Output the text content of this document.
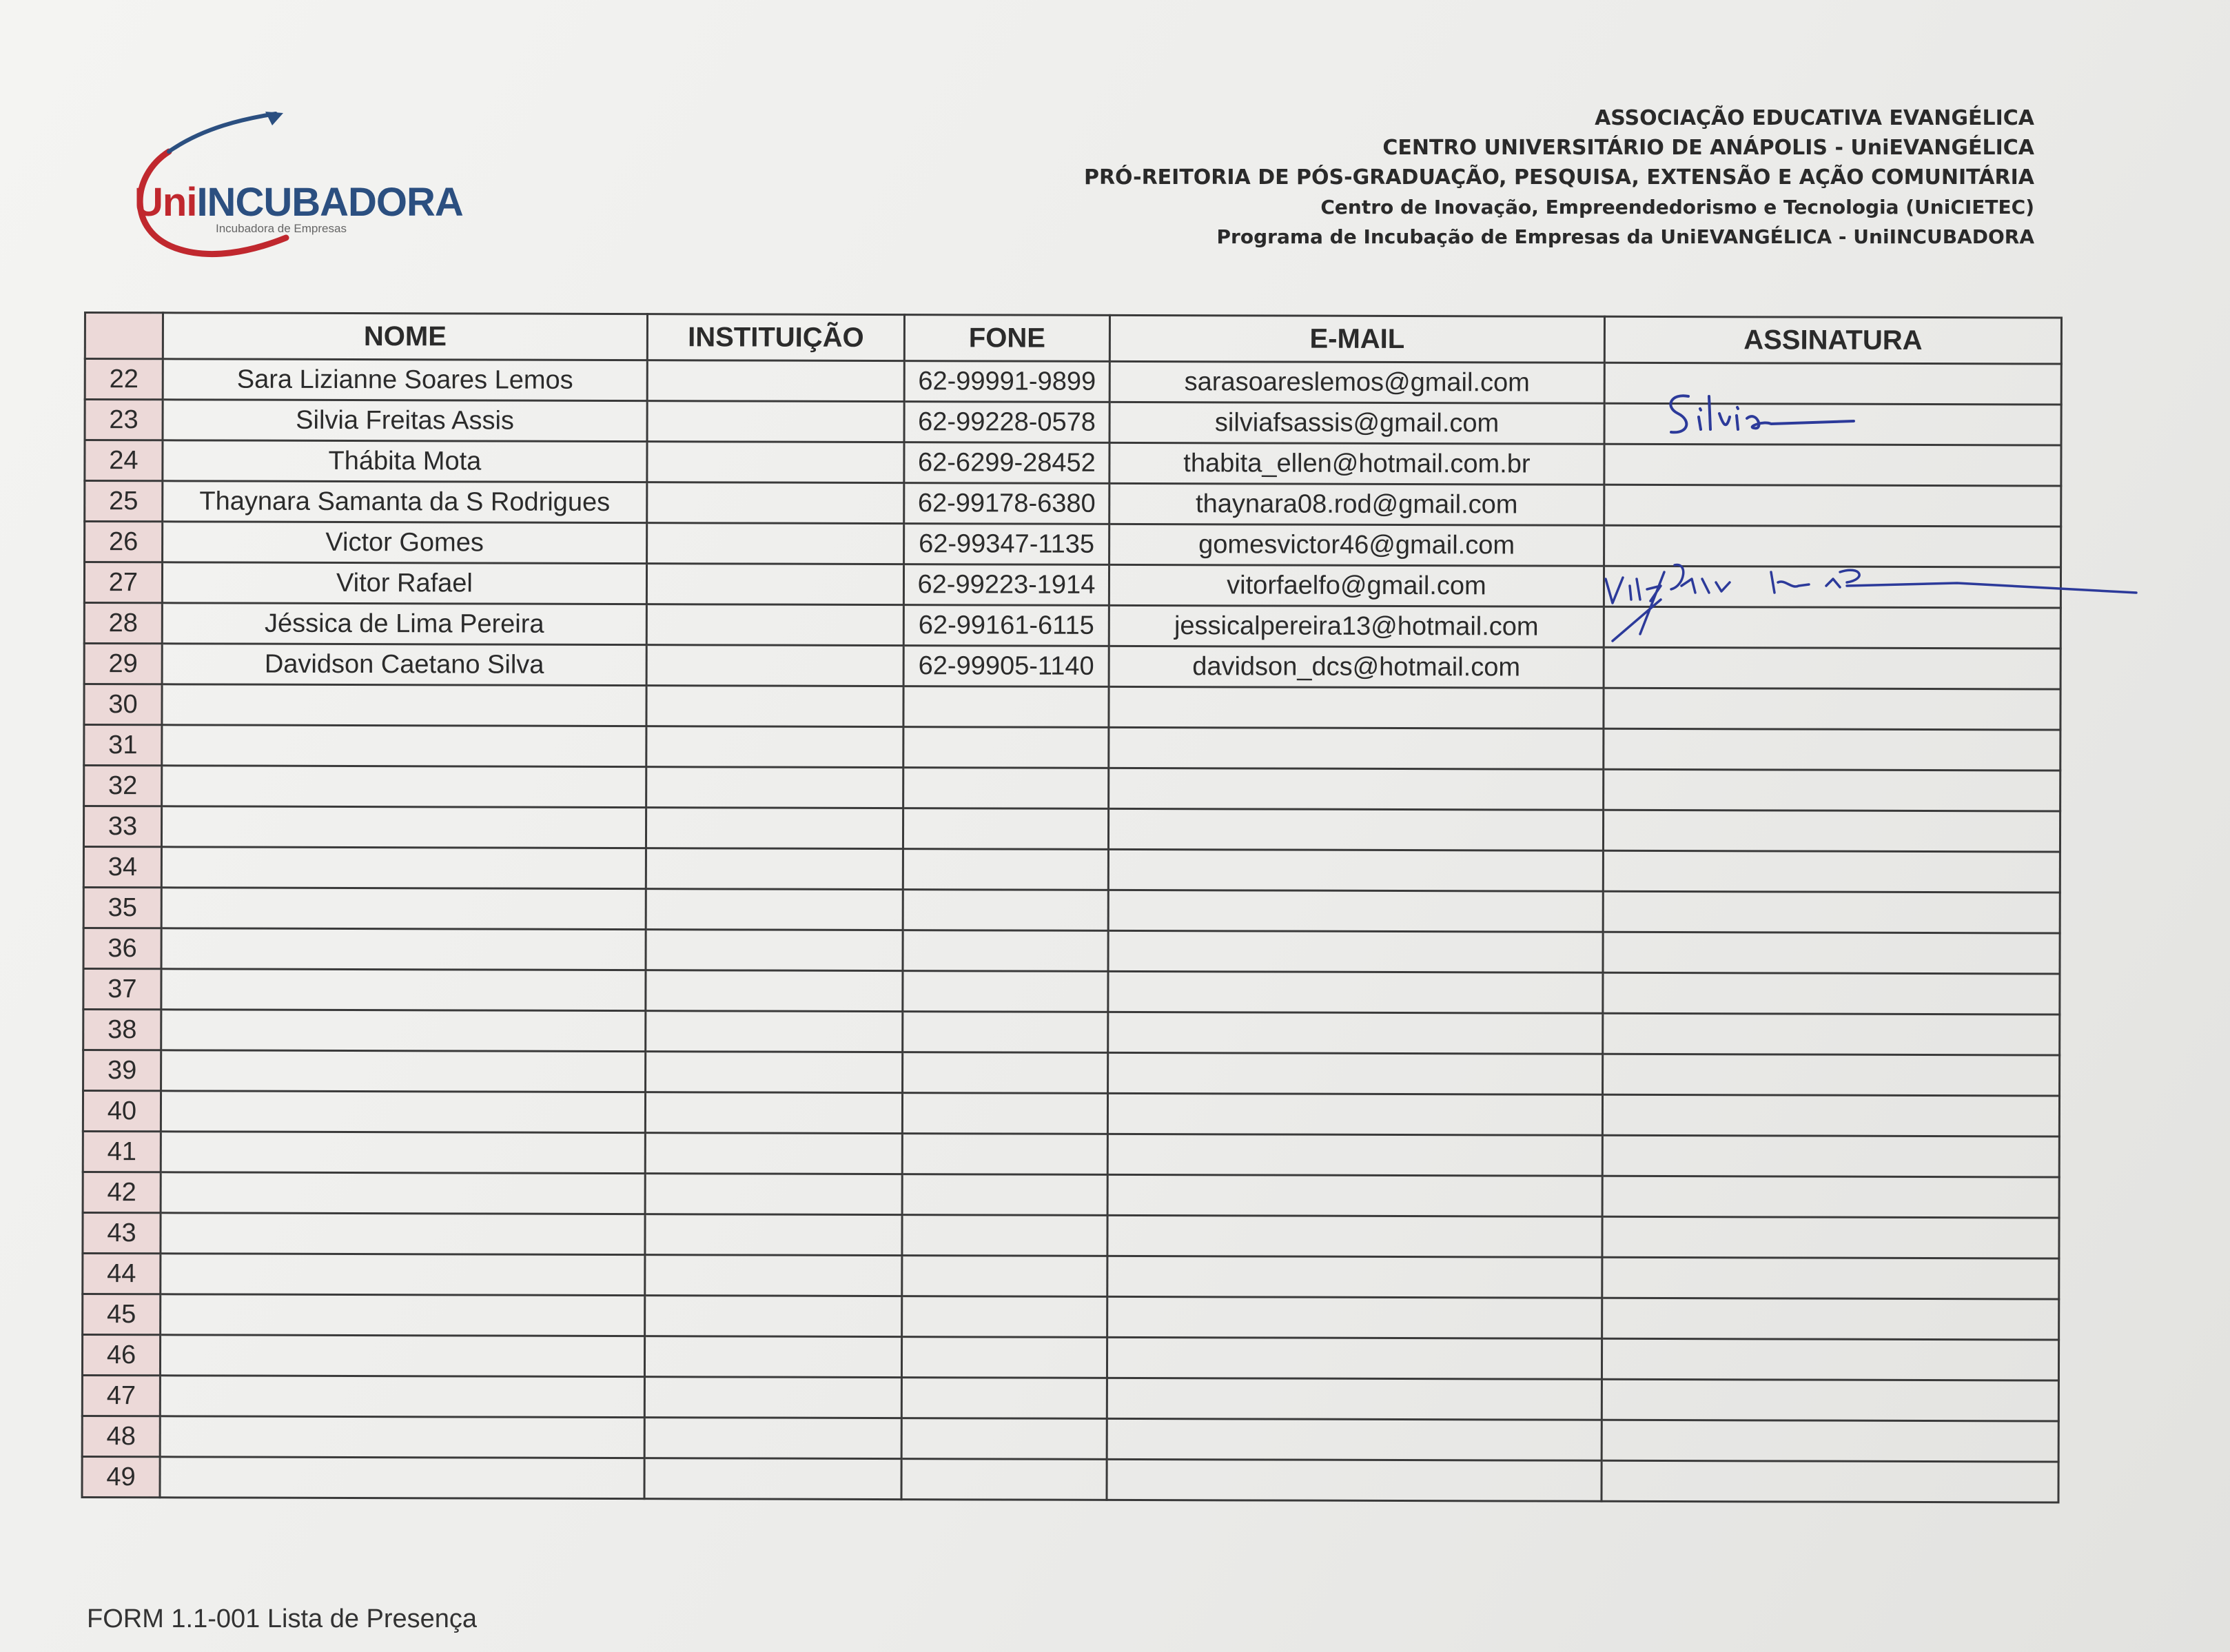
UniINCUBADORA
Incubadora de Empresas
ASSOCIAÇÃO EDUCATIVA EVANGÉLICA
CENTRO UNIVERSITÁRIO DE ANÁPOLIS - UniEVANGÉLICA
PRÓ-REITORIA DE PÓS-GRADUAÇÃO, PESQUISA, EXTENSÃO E AÇÃO COMUNITÁRIA
Centro de Inovação, Empreendedorismo e Tecnologia (UniCIETEC)
Programa de Incubação de Empresas da UniEVANGÉLICA - UniINCUBADORA
	NOME	INSTITUIÇÃO	FONE	E-MAIL	ASSINATURA
22	Sara Lizianne Soares Lemos		62-99991-9899	sarasoareslemos@gmail.com	
23	Silvia Freitas Assis		62-99228-0578	silviafsassis@gmail.com	
24	Thábita Mota		62-6299-28452	thabita_ellen@hotmail.com.br	
25	Thaynara Samanta da S Rodrigues		62-99178-6380	thaynara08.rod@gmail.com	
26	Victor Gomes		62-99347-1135	gomesvictor46@gmail.com	
27	Vitor Rafael		62-99223-1914	vitorfaelfo@gmail.com	
28	Jéssica de Lima Pereira		62-99161-6115	jessicalpereira13@hotmail.com	
29	Davidson Caetano Silva		62-99905-1140	davidson_dcs@hotmail.com	
30					
31					
32					
33					
34					
35					
36					
37					
38					
39					
40					
41					
42					
43					
44					
45					
46					
47					
48					
49					
FORM 1.1-001 Lista de Presença
